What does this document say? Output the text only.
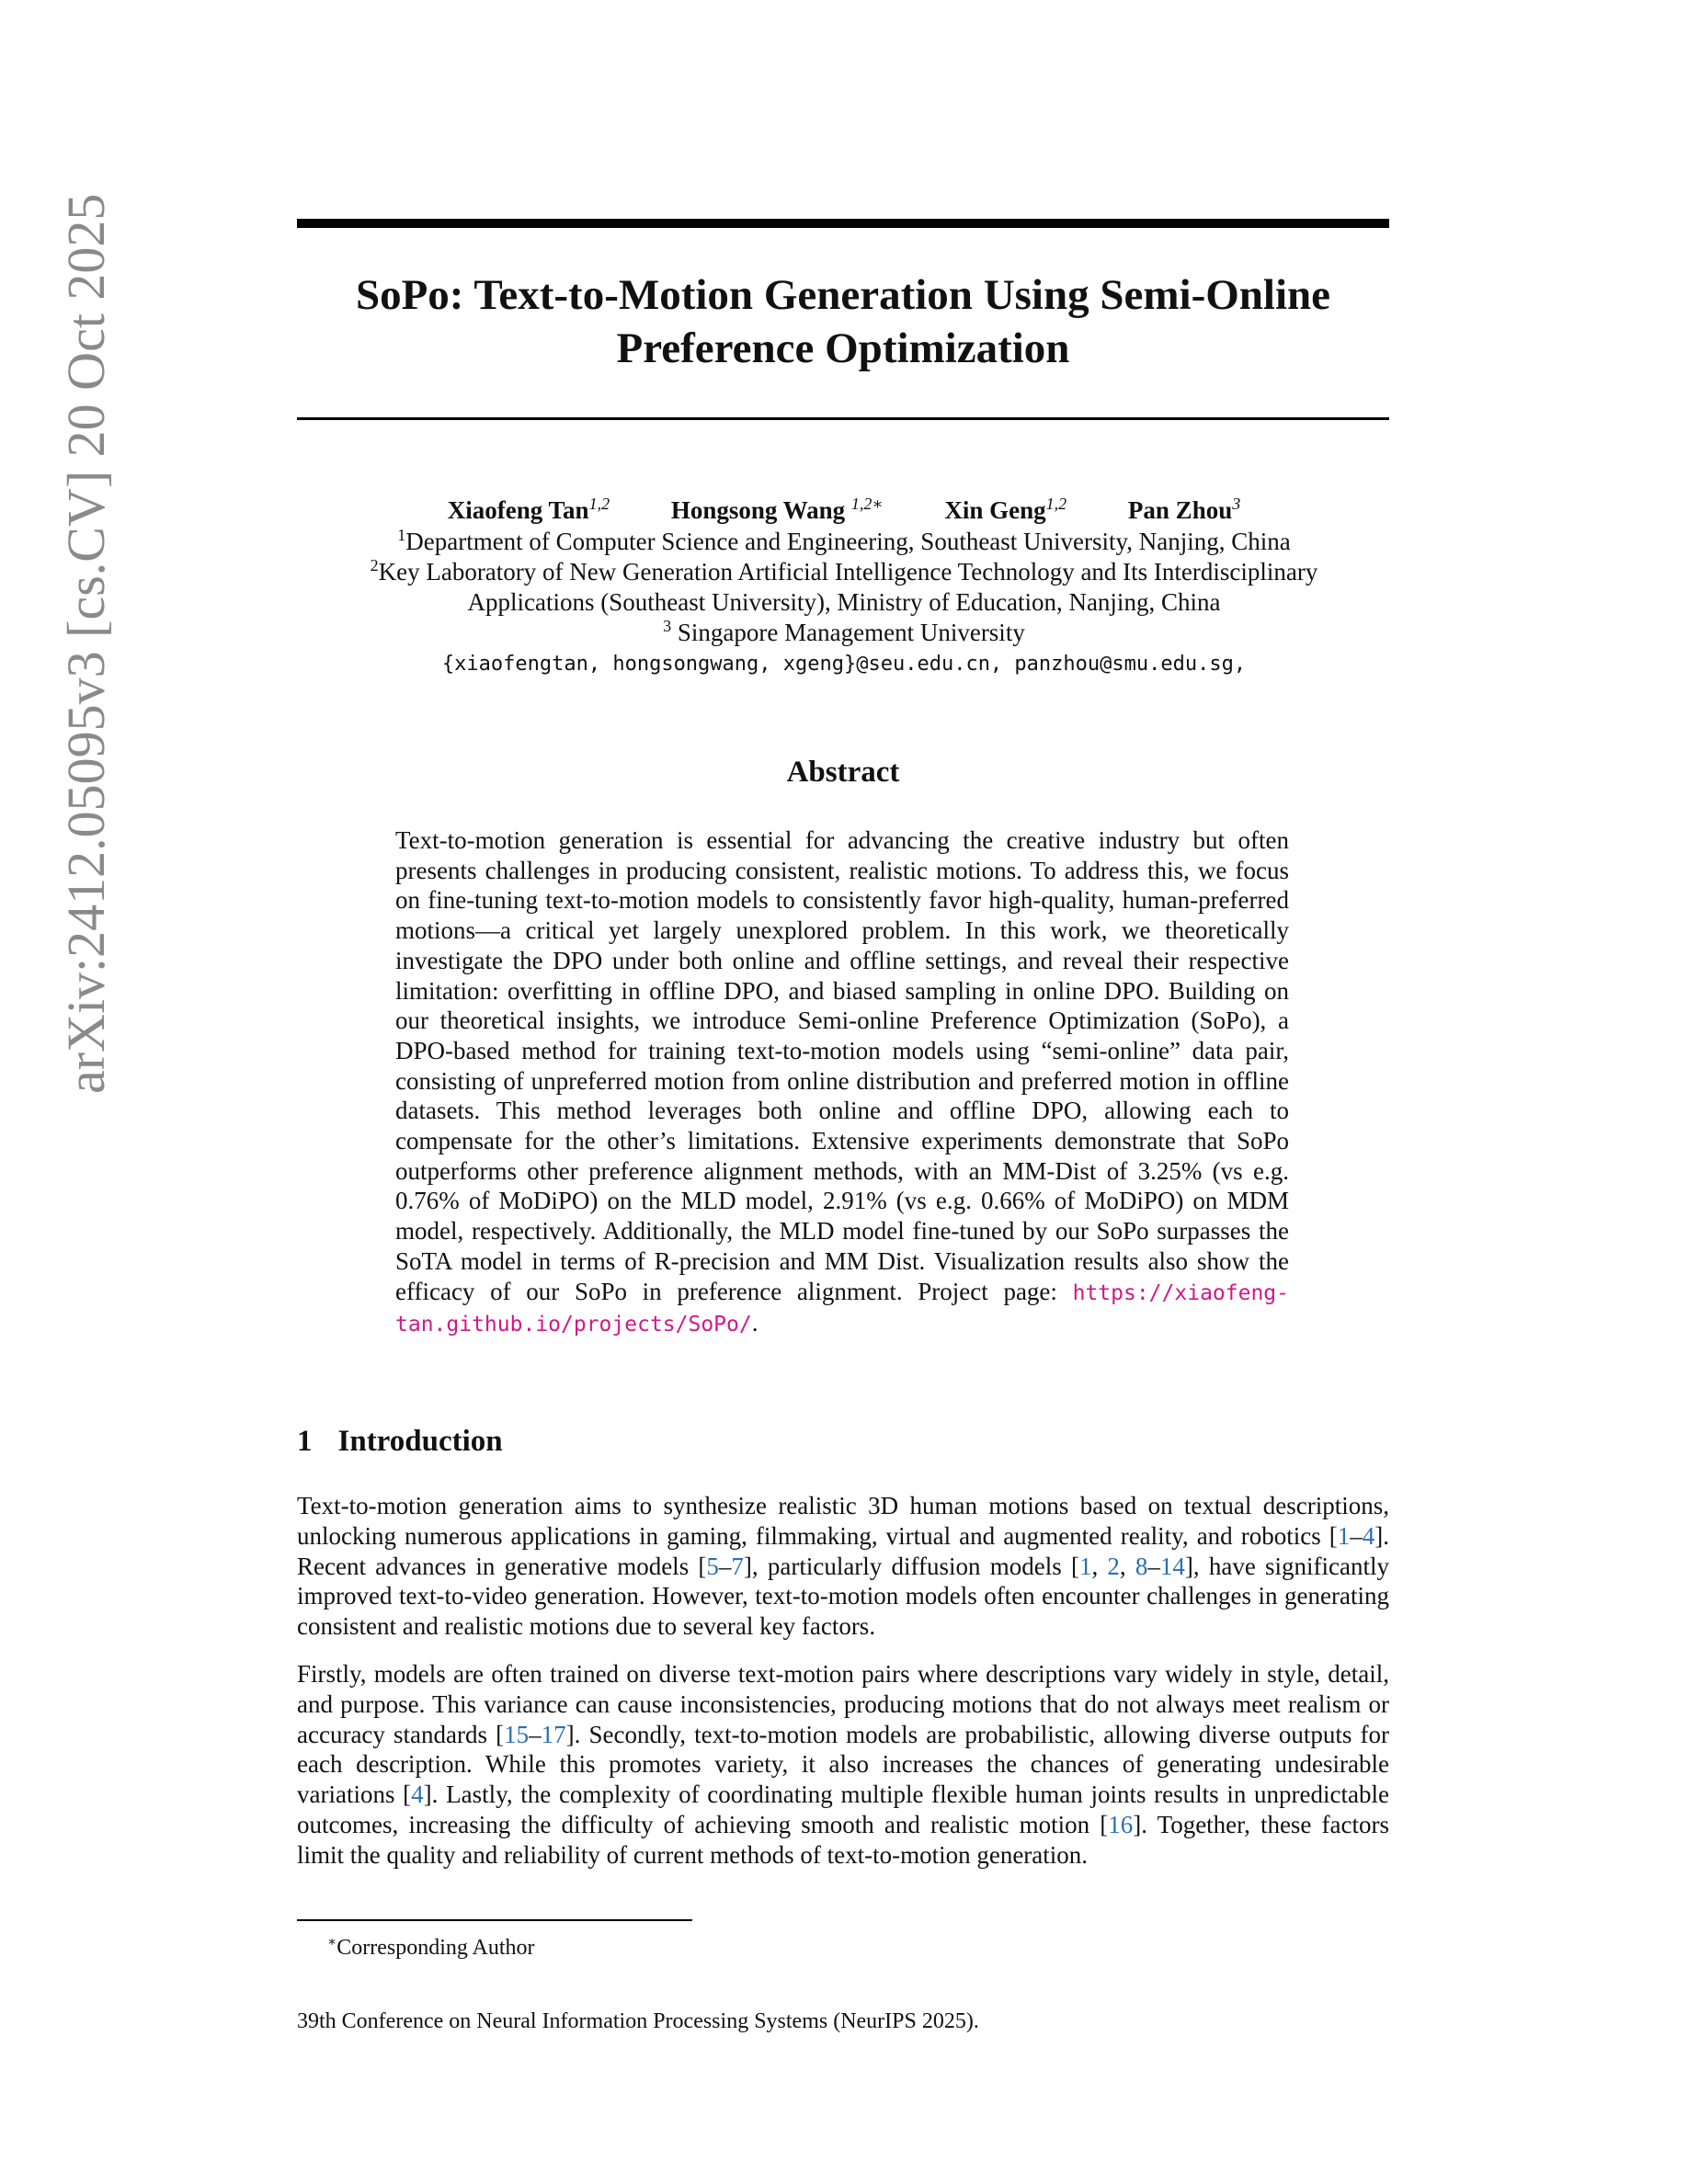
arXiv:2412.05095v3 [cs.CV] 20 Oct 2025	SoPo: Text-to-Motion Generation Using Semi-Online
Preference Optimization
Xiaofeng Tan$^{1,2}$ Hongsong Wang $^{1,2∗}$ Xin Geng$^{1,2}$ Pan Zhou$^3$
$^1$Department of Computer Science and Engineering, Southeast University, Nanjing, China
$^2$Key Laboratory of New Generation Artificial Intelligence Technology and Its Interdisciplinary
Applications (Southeast University), Ministry of Education, Nanjing, China
$^3$ Singapore Management University
{xiaofengtan, hongsongwang, xgeng}@seu.edu.cn, panzhou@smu.edu.sg,
Abstract
Text-to-motion generation is essential for advancing the creative industry but often presents challenges in producing consistent, realistic motions. To address this, we focus on fine-tuning text-to-motion models to consistently favor high-quality, human-preferred motions—a critical yet largely unexplored problem. In this work, we theoretically investigate the DPO under both online and offline settings, and reveal their respective limitation: overfitting in offline DPO, and biased sampling in online DPO. Building on our theoretical insights, we introduce Semi-online Preference Optimization (SoPo), a DPO-based method for training text-to-motion models using “semi-online” data pair, consisting of unpreferred motion from online distribution and preferred motion in offline datasets. This method leverages both online and offline DPO, allowing each to compensate for the other’s limitations. Extensive experiments demonstrate that SoPo outperforms other preference alignment methods, with an MM-Dist of 3.25% (vs e.g. 0.76% of MoDiPO) on the MLD model, 2.91% (vs e.g. 0.66% of MoDiPO) on MDM model, respectively. Additionally, the MLD model fine-tuned by our SoPo surpasses the SoTA model in terms of R-precision and MM Dist. Visualization results also show the efficacy of our SoPo in preference alignment. Project page: https://xiaofeng-tan.github.io/projects/SoPo/.
1 Introduction

Text-to-motion generation aims to synthesize realistic 3D human motions based on textual descriptions, unlocking numerous applications in gaming, filmmaking, virtual and augmented reality, and robotics [1–4]. Recent advances in generative models [5–7], particularly diffusion models [1, 2, 8–14], have significantly improved text-to-video generation. However, text-to-motion models often encounter challenges in generating consistent and realistic motions due to several key factors.

Firstly, models are often trained on diverse text-motion pairs where descriptions vary widely in style, detail, and purpose. This variance can cause inconsistencies, producing motions that do not always meet realism or accuracy standards [15–17]. Secondly, text-to-motion models are probabilistic, allowing diverse outputs for each description. While this promotes variety, it also increases the chances of generating undesirable variations [4]. Lastly, the complexity of coordinating multiple flexible human joints results in unpredictable outcomes, increasing the difficulty of achieving smooth and realistic motion [16]. Together, these factors limit the quality and reliability of current methods of text-to-motion generation.

∗Corresponding Author
39th Conference on Neural Information Processing Systems (NeurIPS 2025).
